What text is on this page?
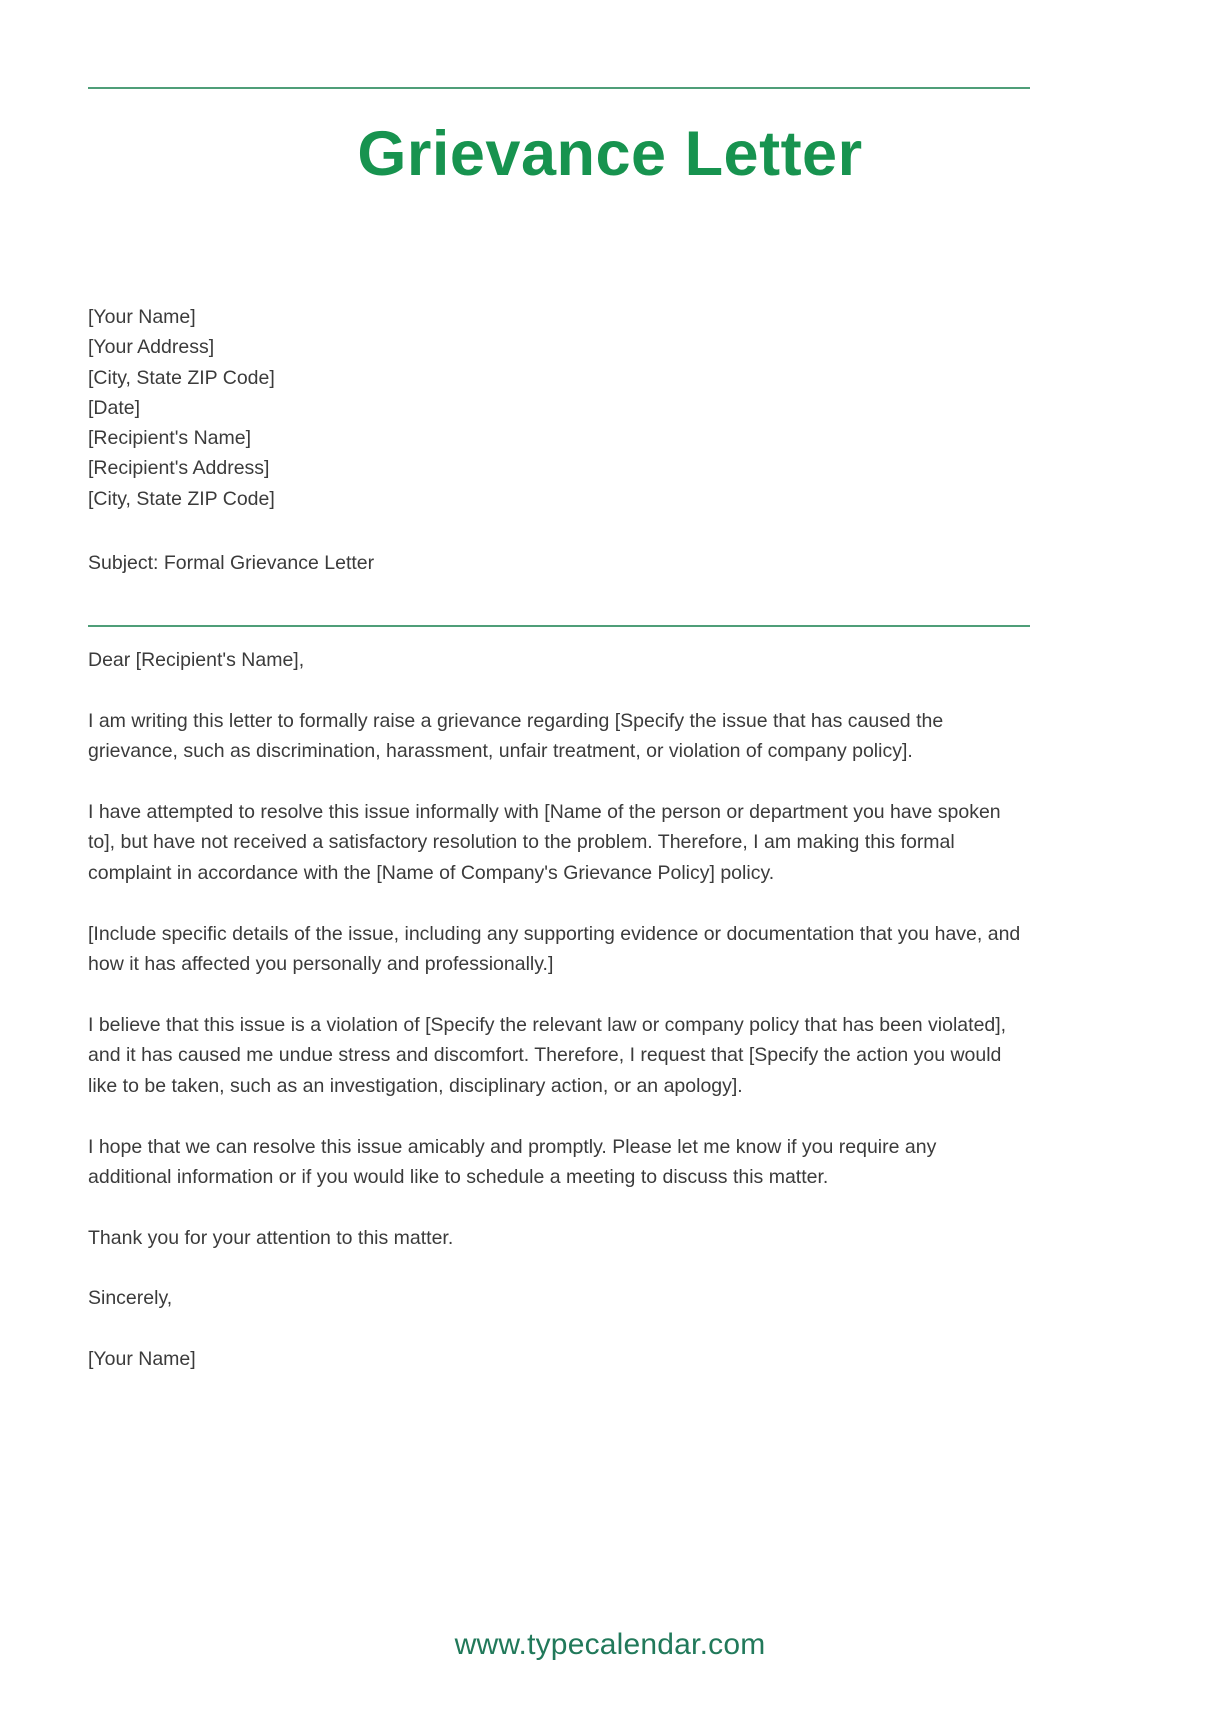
Grievance Letter
[Your Name]
[Your Address]
[City, State ZIP Code]
[Date]
[Recipient's Name]
[Recipient's Address]
[City, State ZIP Code]
Subject: Formal Grievance Letter

Dear [Recipient's Name],

I am writing this letter to formally raise a grievance regarding [Specify the issue that has caused the grievance, such as discrimination, harassment, unfair treatment, or violation of company policy].

I have attempted to resolve this issue informally with [Name of the person or department you have spoken to], but have not received a satisfactory resolution to the problem. Therefore, I am making this formal complaint in accordance with the [Name of Company's Grievance Policy] policy.

[Include specific details of the issue, including any supporting evidence or documentation that you have, and how it has affected you personally and professionally.]

I believe that this issue is a violation of [Specify the relevant law or company policy that has been violated], and it has caused me undue stress and discomfort. Therefore, I request that [Specify the action you would like to be taken, such as an investigation, disciplinary action, or an apology].

I hope that we can resolve this issue amicably and promptly. Please let me know if you require any additional information or if you would like to schedule a meeting to discuss this matter.

Thank you for your attention to this matter.

Sincerely,

[Your Name]

www.typecalendar.com
